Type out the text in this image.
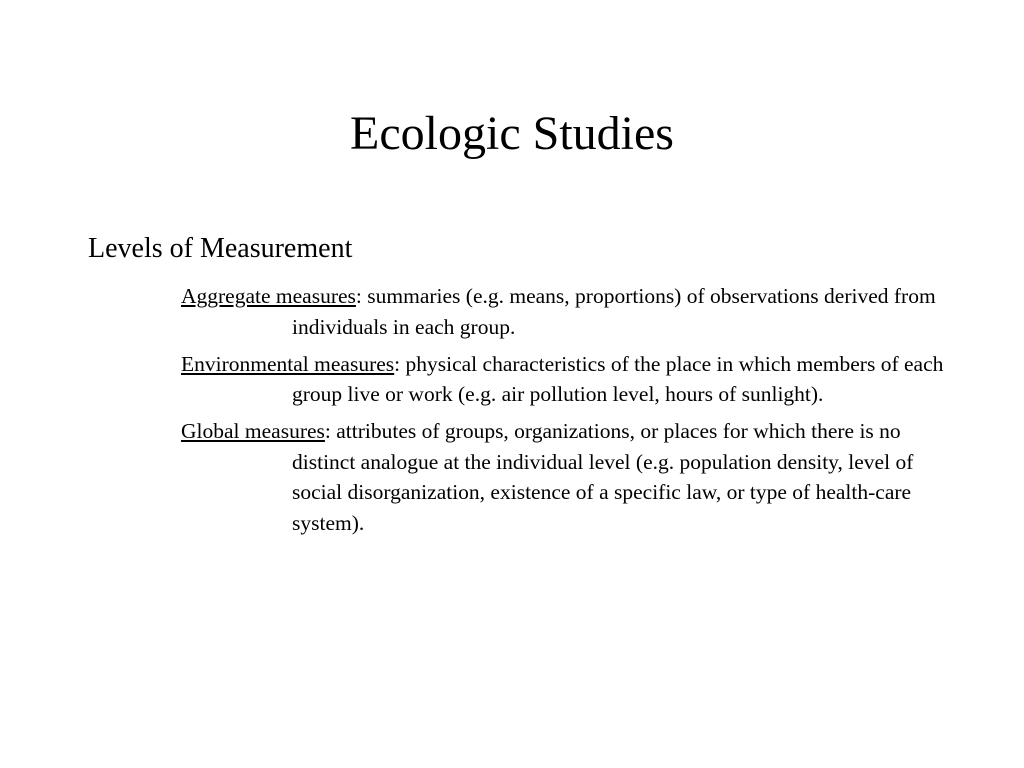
Ecologic Studies
Levels of Measurement
Aggregate measures: summaries (e.g. means, proportions) of observations derived from individuals in each group.
Environmental measures: physical characteristics of the place in which members of each group live or work (e.g. air pollution level, hours of sunlight).
Global measures: attributes of groups, organizations, or places for which there is no distinct analogue at the individual level (e.g. population density, level of social disorganization, existence of a specific law, or type of health-care system).
